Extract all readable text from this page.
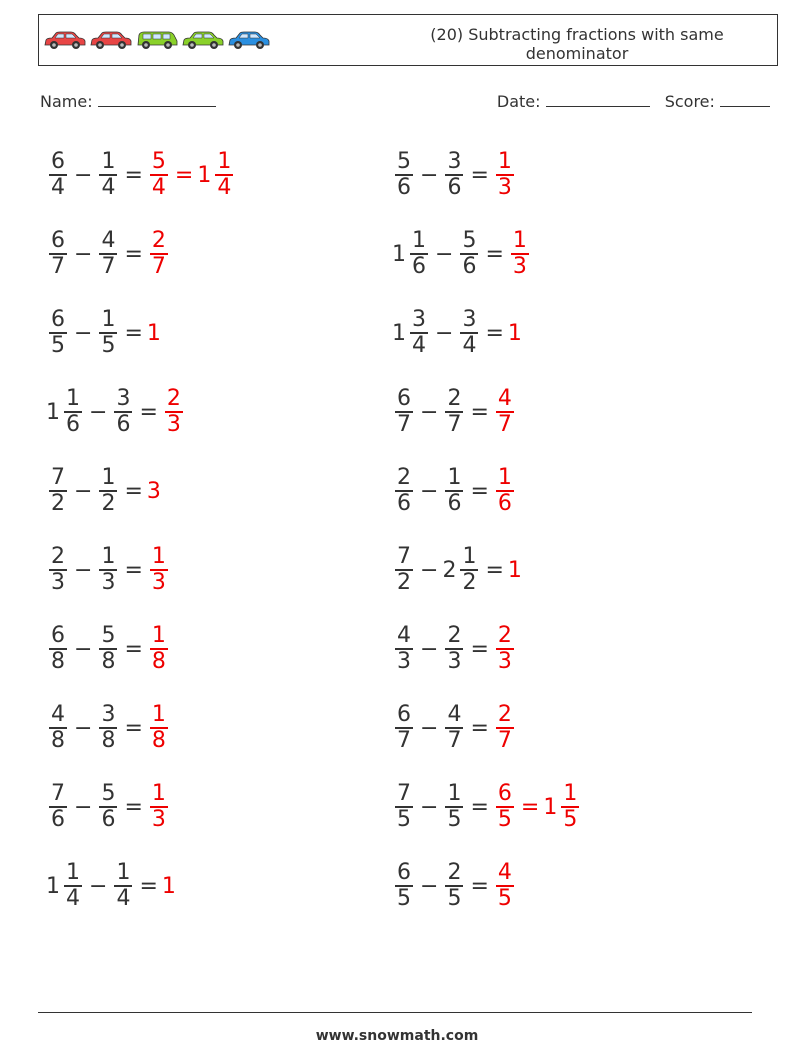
(20) Subtracting fractions with same denominator
Name:	Date:	Score:
$\frac{6}{4} - \frac{1}{4} = \frac{5}{4} = 1 \frac{1}{4}$
$\frac{6}{7} - \frac{4}{7} = \frac{2}{7}$
$\frac{6}{5} - \frac{1}{5} = 1$
$1 \frac{1}{6} - \frac{3}{6} = \frac{2}{3}$
$\frac{7}{2} - \frac{1}{2} = 3$
$\frac{2}{3} - \frac{1}{3} = \frac{1}{3}$
$\frac{6}{8} - \frac{5}{8} = \frac{1}{8}$
$\frac{4}{8} - \frac{3}{8} = \frac{1}{8}$
$\frac{7}{6} - \frac{5}{6} = \frac{1}{3}$
$1 \frac{1}{4} - \frac{1}{4} = 1$
$\frac{5}{6} - \frac{3}{6} = \frac{1}{3}$
$1 \frac{1}{6} - \frac{5}{6} = \frac{1}{3}$
$1 \frac{3}{4} - \frac{3}{4} = 1$
$\frac{6}{7} - \frac{2}{7} = \frac{4}{7}$
$\frac{2}{6} - \frac{1}{6} = \frac{1}{6}$
$\frac{7}{2} - 2 \frac{1}{2} = 1$
$\frac{4}{3} - \frac{2}{3} = \frac{2}{3}$
$\frac{6}{7} - \frac{4}{7} = \frac{2}{7}$
$\frac{7}{5} - \frac{1}{5} = \frac{6}{5} = 1 \frac{1}{5}$
$\frac{6}{5} - \frac{2}{5} = \frac{4}{5}$
www.snowmath.com
